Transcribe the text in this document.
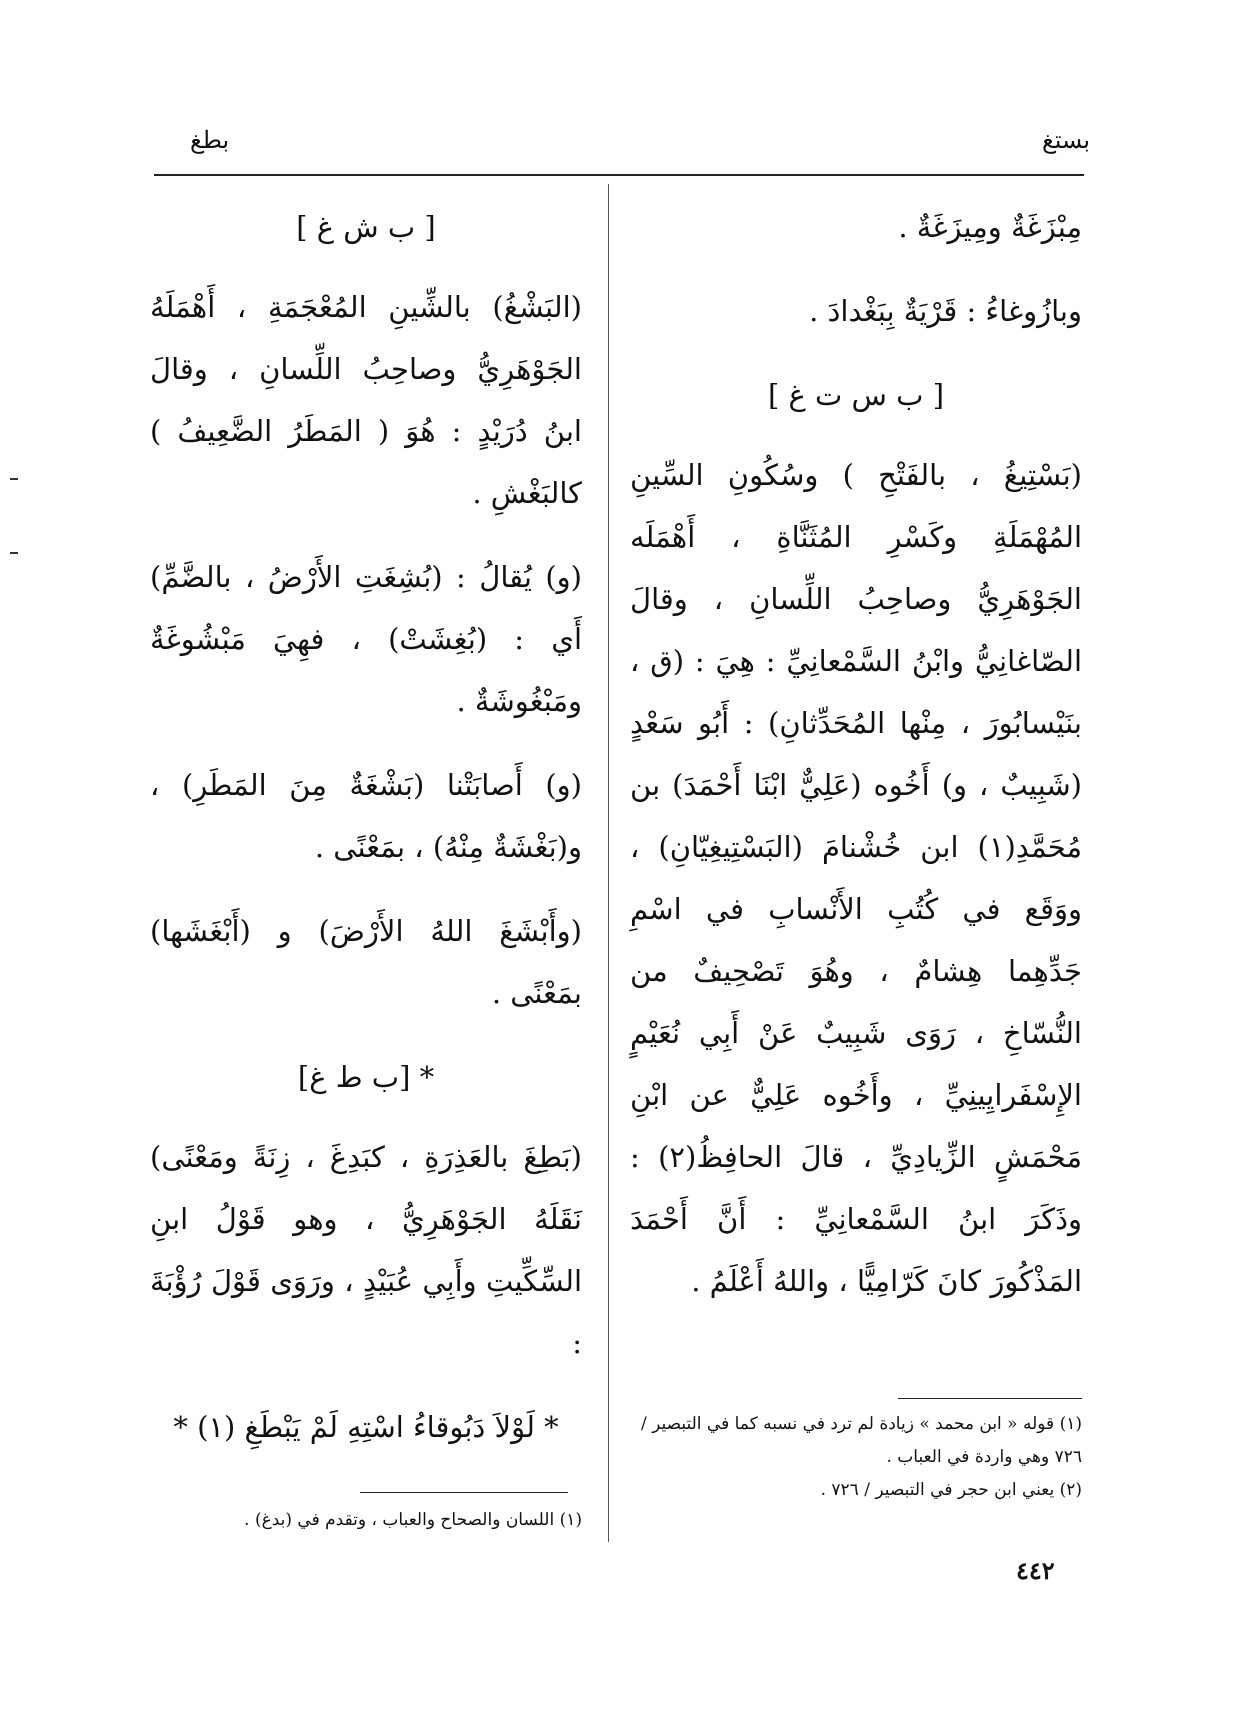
بستغ
بطغ

مِبْزَغَةٌ ومِيزَغَةٌ .

وبازُوغاءُ : قَرْيَةٌ بِبَغْدادَ .

[ ب س ت غ ]

(بَسْتِيغُ ، بالفَتْحِ ) وسُكُونِ السِّينِ المُهْمَلَةِ وكَسْرِ المُثَنَّاةِ ، أَهْمَلَه الجَوْهَرِيُّ وصاحِبُ اللِّسانِ ، وقالَ الصّاغانِيُّ وابْنُ السَّمْعانِيِّ : هِيَ : (ق ، بنَيْسابُورَ ، مِنْها المُحَدِّثانِ) : أَبُو سَعْدٍ (شَبِيبٌ ، و) أَخُوه (عَلِيٌّ ابْنَا أَحْمَدَ) بن مُحَمَّدِ(١) ابن خُشْنامَ (البَسْتِيغِيّانِ) ، ووَقَع في كُتُبِ الأَنْسابِ في اسْمِ جَدِّهِما هِشامٌ ، وهُوَ تَصْحِيفٌ من النُّسّاخِ ، رَوَى شَبِيبٌ عَنْ أَبِي نُعَيْمٍ الإِسْفَرايِينِيِّ ، وأَخُوه عَلِيٌّ عن ابْنِ مَحْمَشٍ الزِّيادِيِّ ، قالَ الحافِظُ(٢) : وذَكَرَ ابنُ السَّمْعانِيِّ : أَنَّ أَحْمَدَ المَذْكُورَ كانَ كَرّامِيًّا ، واللهُ أَعْلَمُ .

[ ب ش غ ]

(البَشْغُ) بالشِّينِ المُعْجَمَةِ ، أَهْمَلَهُ الجَوْهَرِيُّ وصاحِبُ اللِّسانِ ، وقالَ ابنُ دُرَيْدٍ : هُوَ ( المَطَرُ الضَّعِيفُ ) كالبَغْشِ .

(و) يُقالُ : (بُشِغَتِ الأَرْضُ ، بالضَّمِّ) أَي : (بُغِشَتْ) ، فهِيَ مَبْشُوغَةٌ ومَبْغُوشَةٌ .

(و) أَصابَتْنا (بَشْغَةٌ مِنَ المَطَرِ) ، و(بَغْشَةٌ مِنْهُ) ، بمَعْنًى .

(وأَبْشَغَ اللهُ الأَرْضَ) و (أَبْغَشَها) بمَعْنًى .

* [ب ط غ]

(بَطِغَ بالعَذِرَةِ ، كبَدِغَ ، زِنَةً ومَعْنًى) نَقَلَهُ الجَوْهَرِيُّ ، وهو قَوْلُ ابنِ السِّكِّيتِ وأَبِي عُبَيْدٍ ، ورَوَى قَوْلَ رُؤْبَةَ :

* لَوْلاَ دَبُوقاءُ اسْتِهِ لَمْ يَبْطَغِ (١) *	(١) قوله « ابن محمد » زيادة لم ترد في نسبه كما في التبصير / ٧٢٦ وهي واردة في العباب .
(٢) يعني ابن حجر في التبصير / ٧٢٦ .
(١) اللسان والصحاح والعباب ، وتقدم في (بدغ) .
٤٤٢
